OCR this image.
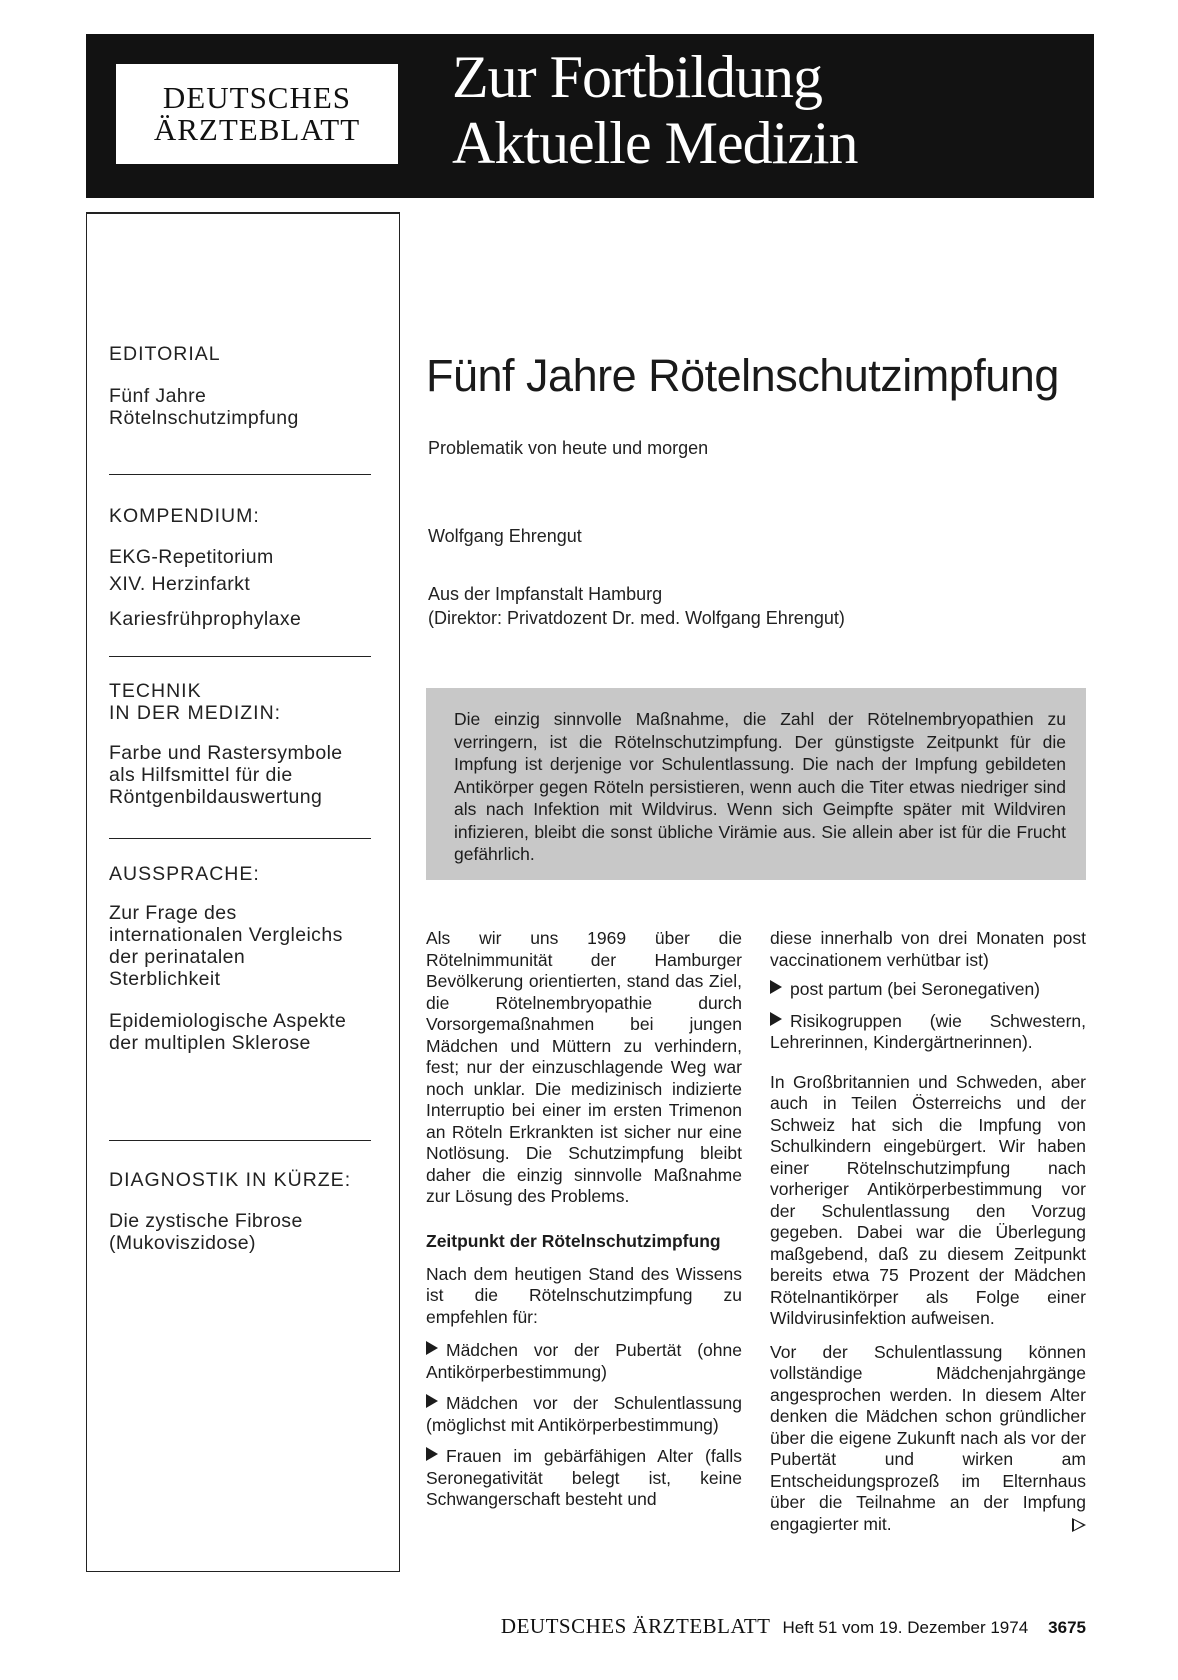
DEUTSCHES
ÄRZTEBLATT
Zur Fortbildung
Aktuelle Medizin
EDITORIAL
Fünf Jahre
Rötelnschutzimpfung
KOMPENDIUM:
EKG-Repetitorium
XIV. Herzinfarkt
Kariesfrühprophylaxe
TECHNIK
IN DER MEDIZIN:
Farbe und Rastersymbole
als Hilfsmittel für die
Röntgenbildauswertung
AUSSPRACHE:
Zur Frage des
internationalen Vergleichs
der perinatalen
Sterblichkeit
Epidemiologische Aspekte
der multiplen Sklerose
DIAGNOSTIK IN KÜRZE:
Die zystische Fibrose
(Mukoviszidose)
Fünf Jahre Rötelnschutzimpfung
Problematik von heute und morgen
Wolfgang Ehrengut
Aus der Impfanstalt Hamburg
(Direktor: Privatdozent Dr. med. Wolfgang Ehrengut)

Die einzig sinnvolle Maßnahme, die Zahl der Rötelnembryopathien zu verringern, ist die Rötelnschutzimpfung. Der günstigste Zeitpunkt für die Impfung ist derjenige vor Schulentlassung. Die nach der Impfung gebildeten Antikörper gegen Röteln persistieren, wenn auch die Titer etwas niedriger sind als nach Infektion mit Wildvirus. Wenn sich Geimpfte später mit Wildviren infizieren, bleibt die sonst übliche Virämie aus. Sie allein aber ist für die Frucht gefährlich.

Als wir uns 1969 über die Rötelnimmunität der Hamburger Bevölkerung orientierten, stand das Ziel, die Rötelnembryopathie durch Vorsorgemaßnahmen bei jungen Mädchen und Müttern zu verhindern, fest; nur der einzuschlagende Weg war noch unklar. Die medizinisch indizierte Interruptio bei einer im ersten Trimenon an Röteln Erkrankten ist sicher nur eine Notlösung. Die Schutzimpfung bleibt daher die einzig sinnvolle Maßnahme zur Lösung des Problems.

Zeitpunkt der Rötelnschutzimpfung

Nach dem heutigen Stand des Wissens ist die Rötelnschutzimpfung zu empfehlen für:

Mädchen vor der Pubertät (ohne Antikörperbestimmung)
Mädchen vor der Schulentlassung (möglichst mit Antikörperbestimmung)
Frauen im gebärfähigen Alter (falls Seronegativität belegt ist, keine Schwangerschaft besteht und

diese innerhalb von drei Monaten post vaccinationem verhütbar ist)

post partum (bei Seronegativen)
Risikogruppen (wie Schwestern, Lehrerinnen, Kindergärtnerinnen).

In Großbritannien und Schweden, aber auch in Teilen Österreichs und der Schweiz hat sich die Impfung von Schulkindern eingebürgert. Wir haben einer Rötelnschutzimpfung nach vorheriger Antikörperbestimmung vor der Schulentlassung den Vorzug gegeben. Dabei war die Überlegung maßgebend, daß zu diesem Zeitpunkt bereits etwa 75 Prozent der Mädchen Rötelnantikörper als Folge einer Wildvirusinfektion aufweisen.

Vor der Schulentlassung können vollständige Mädchenjahrgänge angesprochen werden. In diesem Alter denken die Mädchen schon gründlicher über die eigene Zukunft nach als vor der Pubertät und wirken am Entscheidungsprozeß im Elternhaus über die Teilnahme an der Impfung engagierter mit.

DEUTSCHES ÄRZTEBLATT Heft 51 vom 19. Dezember 1974 3675
